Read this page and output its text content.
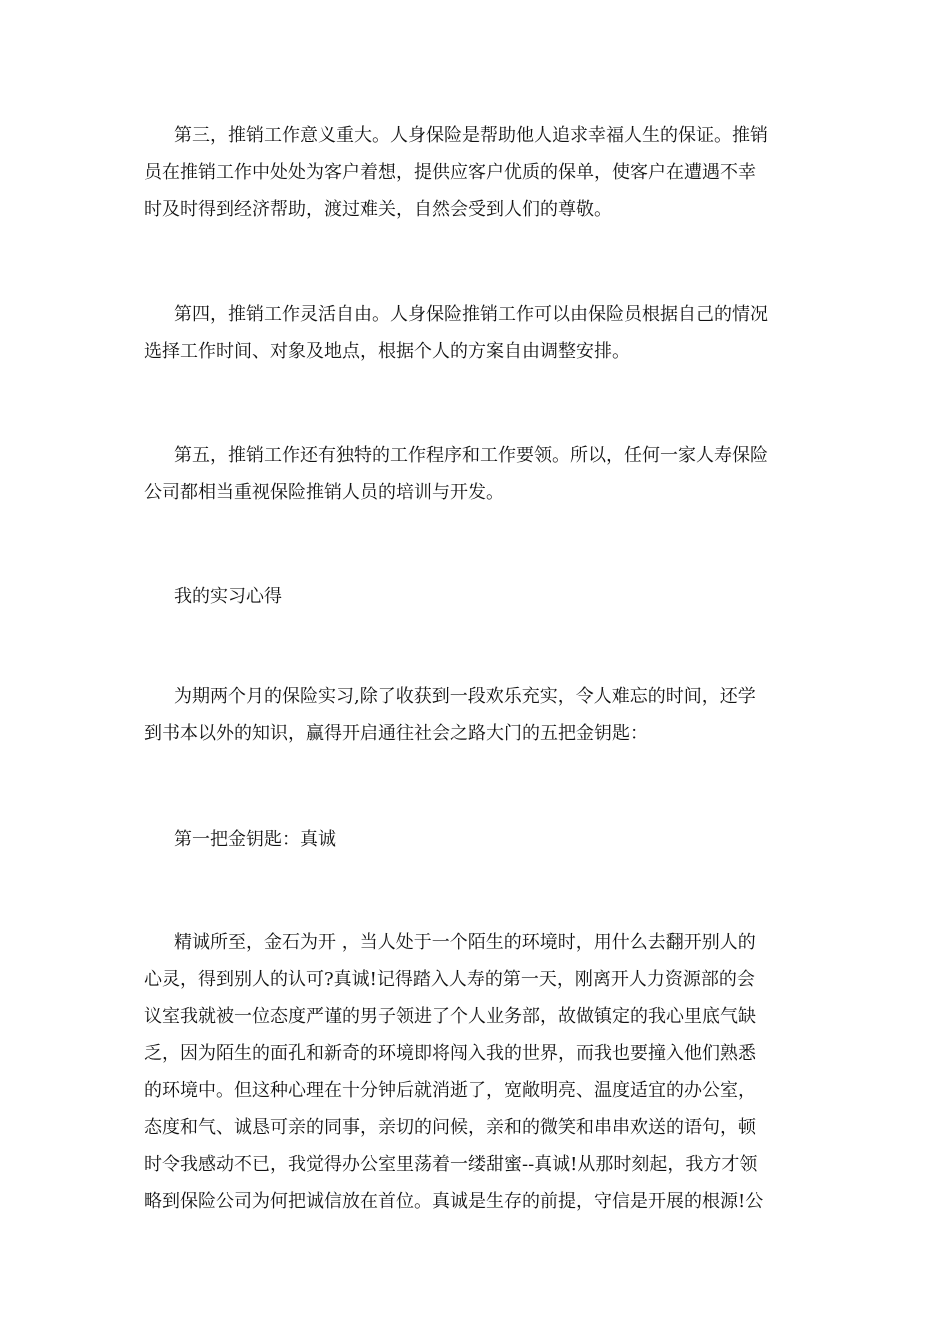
第三，推销工作意义重大。人身保险是帮助他人追求幸福人生的保证。推销
员在推销工作中处处为客户着想，提供应客户优质的保单，使客户在遭遇不幸
时及时得到经济帮助，渡过难关，自然会受到人们的尊敬。
第四，推销工作灵活自由。人身保险推销工作可以由保险员根据自己的情况
选择工作时间、对象及地点，根据个人的方案自由调整安排。
第五，推销工作还有独特的工作程序和工作要领。所以，任何一家人寿保险
公司都相当重视保险推销人员的培训与开发。
我的实习心得
为期两个月的保险实习,除了收获到一段欢乐充实，令人难忘的时间，还学
到书本以外的知识，赢得开启通往社会之路大门的五把金钥匙：
第一把金钥匙：真诚
精诚所至，金石为开 ，当人处于一个陌生的环境时，用什么去翻开别人的
心灵，得到别人的认可?真诚!记得踏入人寿的第一天，刚离开人力资源部的会
议室我就被一位态度严谨的男子领进了个人业务部，故做镇定的我心里底气缺
乏，因为陌生的面孔和新奇的环境即将闯入我的世界，而我也要撞入他们熟悉
的环境中。但这种心理在十分钟后就消逝了，宽敞明亮、温度适宜的办公室，
态度和气、诚恳可亲的同事，亲切的问候，亲和的微笑和串串欢送的语句，顿
时令我感动不已，我觉得办公室里荡着一缕甜蜜--真诚!从那时刻起，我方才领
略到保险公司为何把诚信放在首位。真诚是生存的前提，守信是开展的根源!公
